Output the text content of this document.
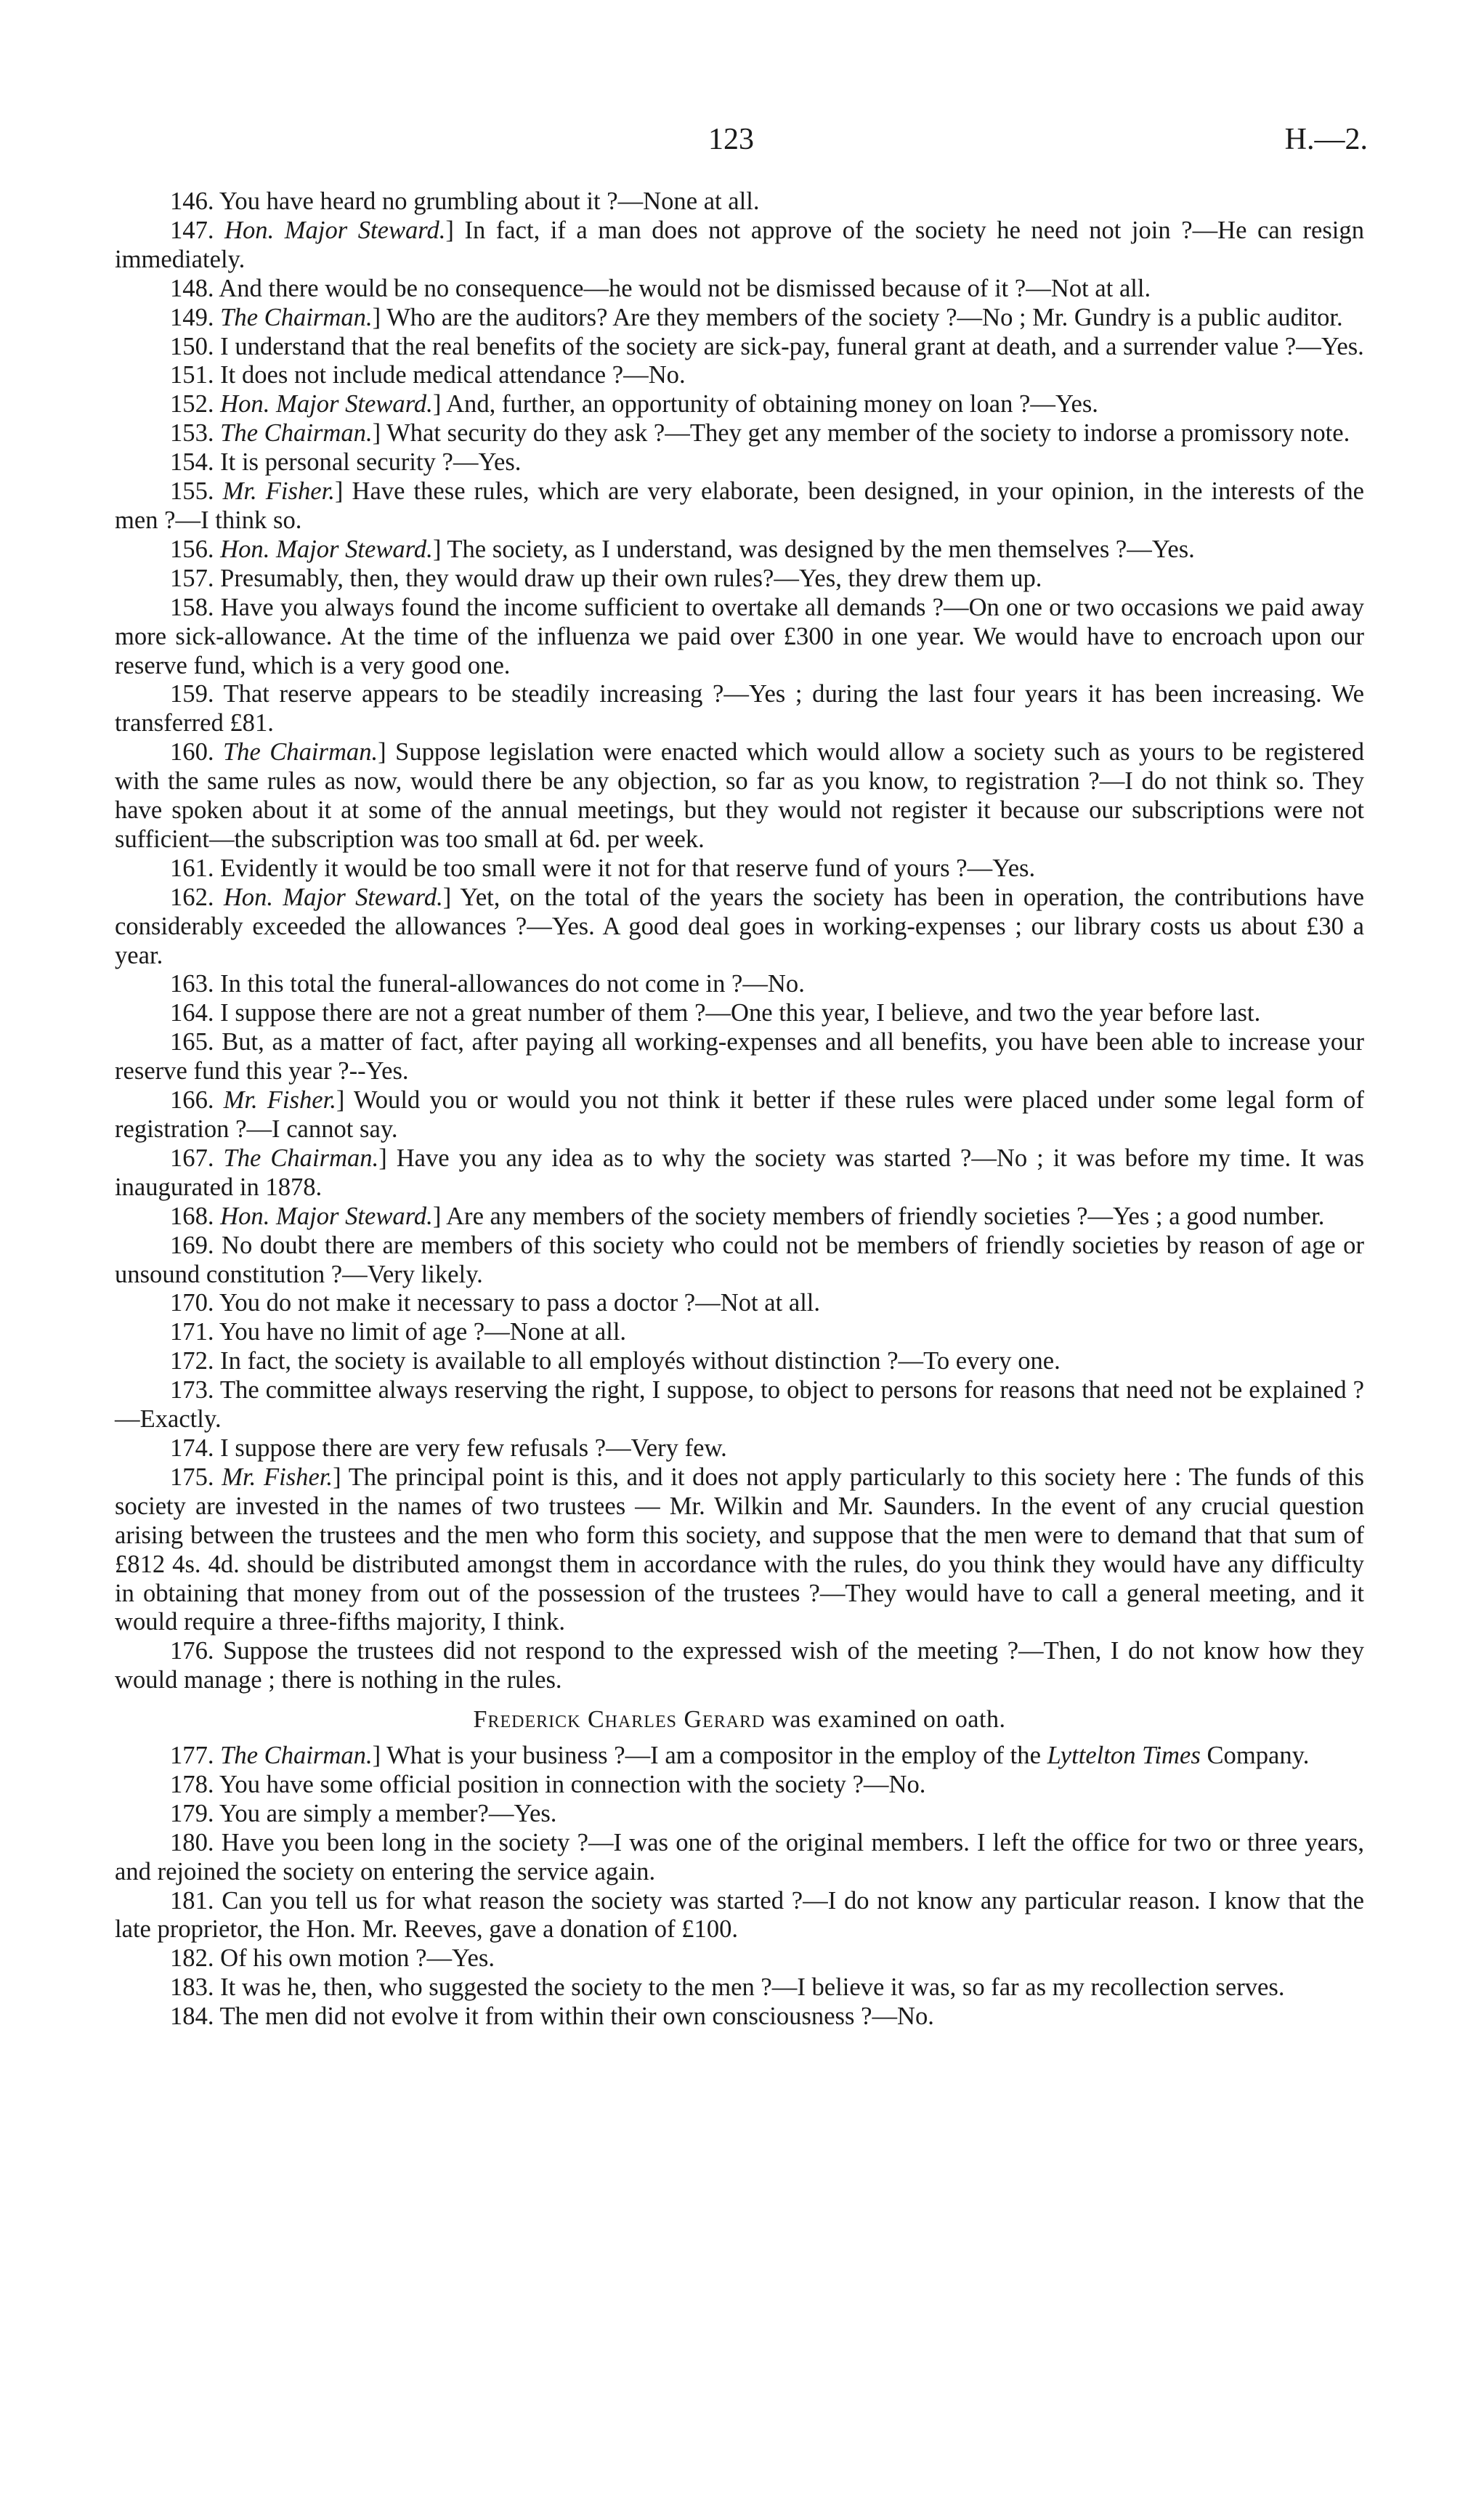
123	H.—2.

146. You have heard no grumbling about it ?—None at all.

147. Hon. Major Steward.] In fact, if a man does not approve of the society he need not join ?—He can resign immediately.

148. And there would be no consequence—he would not be dismissed because of it ?—Not at all.

149. The Chairman.] Who are the auditors? Are they members of the society ?—No ; Mr. Gundry is a public auditor.

150. I understand that the real benefits of the society are sick-pay, funeral grant at death, and a surrender value ?—Yes.

151. It does not include medical attendance ?—No.

152. Hon. Major Steward.] And, further, an opportunity of obtaining money on loan ?—Yes.

153. The Chairman.] What security do they ask ?—They get any member of the society to indorse a promissory note.

154. It is personal security ?—Yes.

155. Mr. Fisher.] Have these rules, which are very elaborate, been designed, in your opinion, in the interests of the men ?—I think so.

156. Hon. Major Steward.] The society, as I understand, was designed by the men themselves ?—Yes.

157. Presumably, then, they would draw up their own rules?—Yes, they drew them up.

158. Have you always found the income sufficient to overtake all demands ?—On one or two occasions we paid away more sick-allowance. At the time of the influenza we paid over £300 in one year. We would have to encroach upon our reserve fund, which is a very good one.

159. That reserve appears to be steadily increasing ?—Yes ; during the last four years it has been increasing. We transferred £81.

160. The Chairman.] Suppose legislation were enacted which would allow a society such as yours to be registered with the same rules as now, would there be any objection, so far as you know, to registration ?—I do not think so. They have spoken about it at some of the annual meetings, but they would not register it because our subscriptions were not sufficient—the subscription was too small at 6d. per week.

161. Evidently it would be too small were it not for that reserve fund of yours ?—Yes.

162. Hon. Major Steward.] Yet, on the total of the years the society has been in operation, the contributions have considerably exceeded the allowances ?—Yes. A good deal goes in working-expenses ; our library costs us about £30 a year.

163. In this total the funeral-allowances do not come in ?—No.

164. I suppose there are not a great number of them ?—One this year, I believe, and two the year before last.

165. But, as a matter of fact, after paying all working-expenses and all benefits, you have been able to increase your reserve fund this year ?--Yes.

166. Mr. Fisher.] Would you or would you not think it better if these rules were placed under some legal form of registration ?—I cannot say.

167. The Chairman.] Have you any idea as to why the society was started ?—No ; it was before my time. It was inaugurated in 1878.

168. Hon. Major Steward.] Are any members of the society members of friendly societies ?—Yes ; a good number.

169. No doubt there are members of this society who could not be members of friendly societies by reason of age or unsound constitution ?—Very likely.

170. You do not make it necessary to pass a doctor ?—Not at all.

171. You have no limit of age ?—None at all.

172. In fact, the society is available to all employés without distinction ?—To every one.

173. The committee always reserving the right, I suppose, to object to persons for reasons that need not be explained ?—Exactly.

174. I suppose there are very few refusals ?—Very few.

175. Mr. Fisher.] The principal point is this, and it does not apply particularly to this society here : The funds of this society are invested in the names of two trustees — Mr. Wilkin and Mr. Saunders. In the event of any crucial question arising between the trustees and the men who form this society, and suppose that the men were to demand that that sum of £812 4s. 4d. should be distributed amongst them in accordance with the rules, do you think they would have any difficulty in obtaining that money from out of the possession of the trustees ?—They would have to call a general meeting, and it would require a three-fifths majority, I think.

176. Suppose the trustees did not respond to the expressed wish of the meeting ?—Then, I do not know how they would manage ; there is nothing in the rules.

Frederick Charles Gerard was examined on oath.

177. The Chairman.] What is your business ?—I am a compositor in the employ of the Lyttelton Times Company.

178. You have some official position in connection with the society ?—No.

179. You are simply a member?—Yes.

180. Have you been long in the society ?—I was one of the original members. I left the office for two or three years, and rejoined the society on entering the service again.

181. Can you tell us for what reason the society was started ?—I do not know any particular reason. I know that the late proprietor, the Hon. Mr. Reeves, gave a donation of £100.

182. Of his own motion ?—Yes.

183. It was he, then, who suggested the society to the men ?—I believe it was, so far as my recollection serves.

184. The men did not evolve it from within their own consciousness ?—No.
